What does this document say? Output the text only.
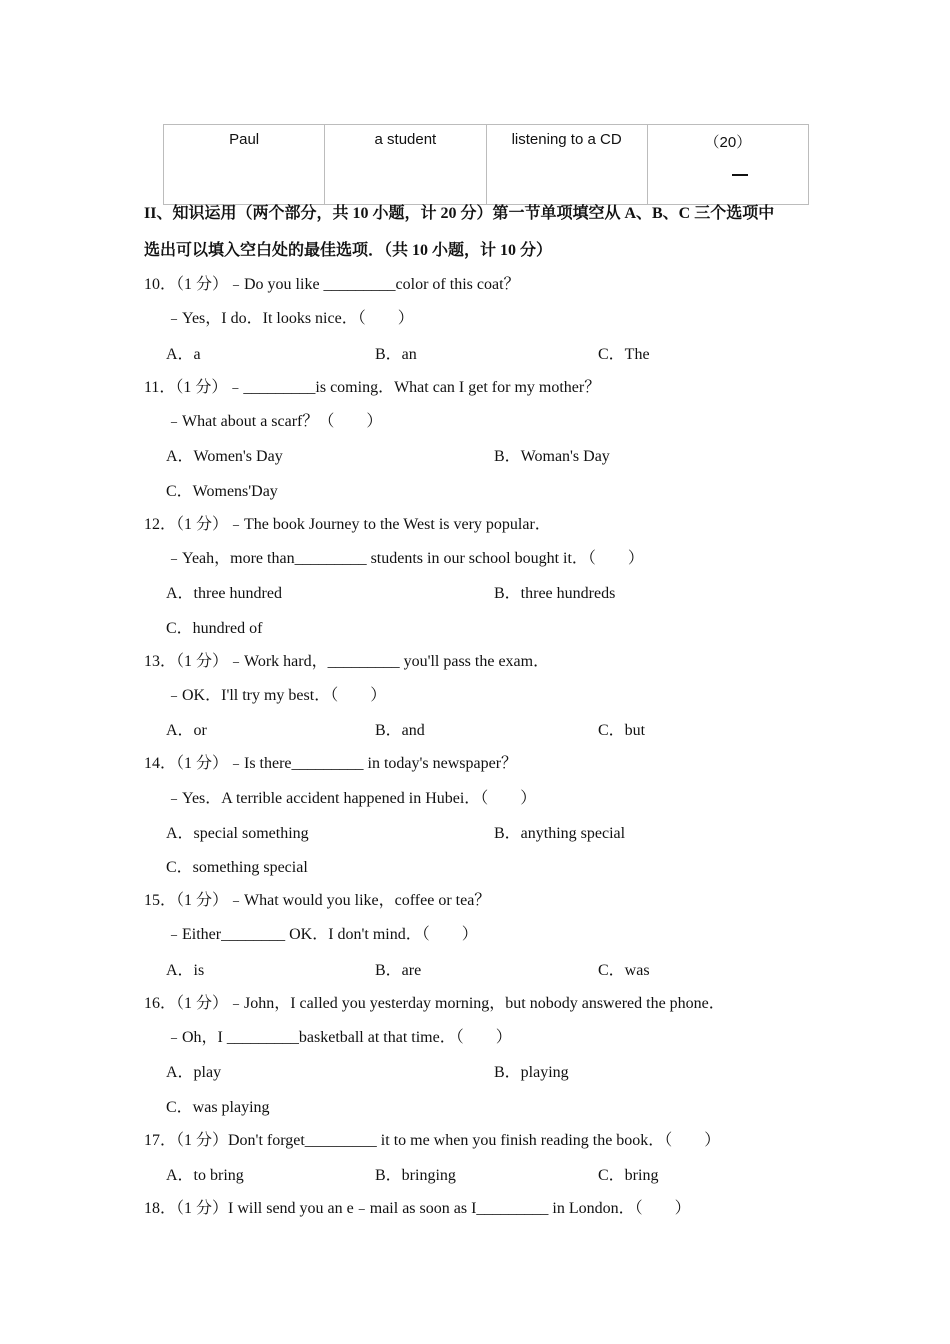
Paul	a student	listening to a CD	（20）
II、知识运用（两个部分，共 10 小题，计 20 分）第一节单项填空从 A、B、C 三个选项中
选出可以填入空白处的最佳选项．（共 10 小题，计 10 分）
10．（1 分）﹣Do you like _________color of this coat？
﹣Yes，I do．It looks nice．（　　）
A．a	B．an	C．The
11．（1 分）﹣_________is coming．What can I get for my mother？
﹣What about a scarf？（　　）
A．Women's Day	B．Woman's Day
C．Womens'Day
12．（1 分）﹣The book Journey to the West is very popular．
﹣Yeah，more than_________ students in our school bought it．（　　）
A．three hundred	B．three hundreds
C．hundred of
13．（1 分）﹣Work hard，_________ you'll pass the exam．
﹣OK．I'll try my best．（　　）
A．or	B．and	C．but
14．（1 分）﹣Is there_________ in today's newspaper？
﹣Yes．A terrible accident happened in Hubei．（　　）
A．special something	B．anything special
C．something special
15．（1 分）﹣What would you like，coffee or tea？
﹣Either________ OK．I don't mind．（　　）
A．is	B．are	C．was
16．（1 分）﹣John，I called you yesterday morning，but nobody answered the phone．
﹣Oh，I _________basketball at that time．（　　）
A．play	B．playing
C．was playing
17．（1 分）Don't forget_________ it to me when you finish reading the book．（　　）
A．to bring	B．bringing	C．bring
18．（1 分）I will send you an e﹣mail as soon as I_________ in London．（　　）
